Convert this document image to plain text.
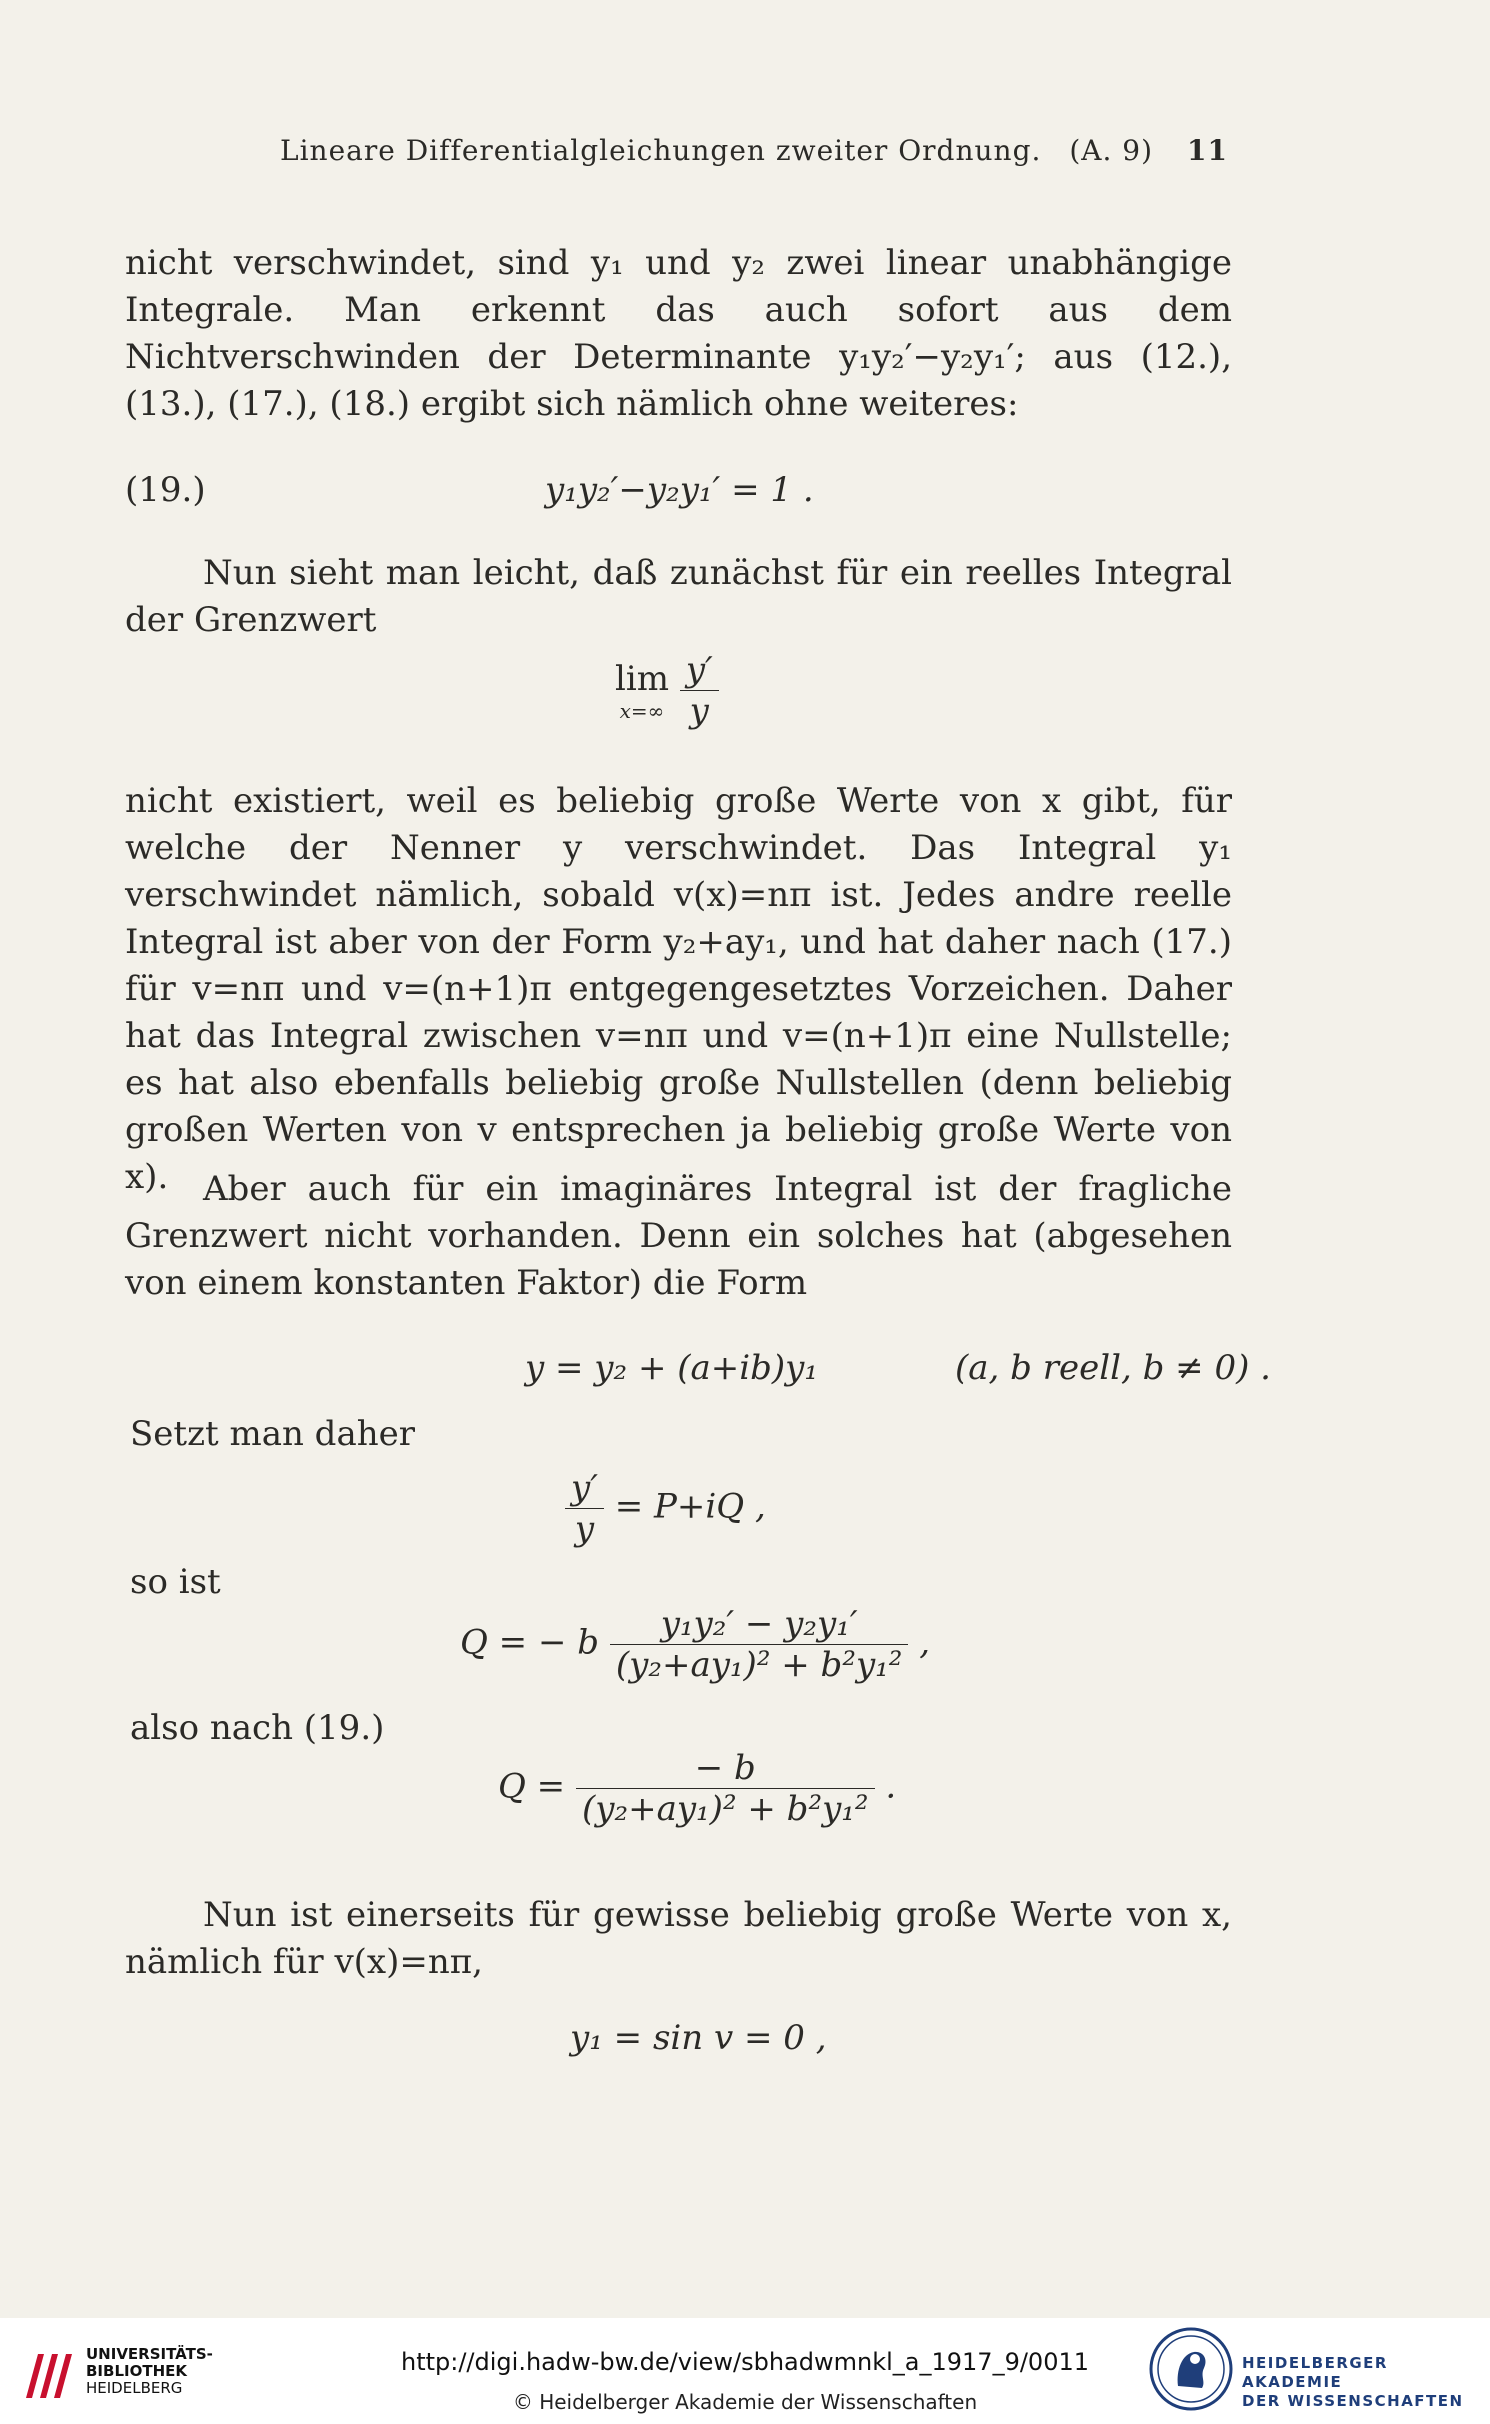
Lineare Differentialgleichungen zweiter Ordnung. (A. 9) 11

nicht verschwindet, sind y₁ und y₂ zwei linear unabhängige Integrale. Man erkennt das auch sofort aus dem Nichtverschwinden der Determinante y₁y₂′−y₂y₁′; aus (12.), (13.), (17.), (18.) ergibt sich nämlich ohne weiteres:

(19.)	y₁y₂′−y₂y₁′ = 1 .

Nun sieht man leicht, daß zunächst für ein reelles Integral der Grenzwert

lim
x=∞
$\frac{y'}{y}$

nicht existiert, weil es beliebig große Werte von x gibt, für welche der Nenner y verschwindet. Das Integral y₁ verschwindet nämlich, sobald v(x)=nπ ist. Jedes andre reelle Integral ist aber von der Form y₂+ay₁, und hat daher nach (17.) für v=nπ und v=(n+1)π entgegengesetztes Vorzeichen. Daher hat das Integral zwischen v=nπ und v=(n+1)π eine Nullstelle; es hat also ebenfalls beliebig große Nullstellen (denn beliebig großen Werten von v entsprechen ja beliebig große Werte von x).	Aber auch für ein imaginäres Integral ist der fragliche Grenzwert nicht vorhanden. Denn ein solches hat (abgesehen von einem konstanten Faktor) die Form

y = y₂ + (a+ib)y₁	(a, b reell, b ≠ 0) .
Setzt man daher
$\frac{y'}{y} = P+iQ$ ,
so ist
Q = − b $\frac{\text{y₁y₂′ − y₂y₁′}}{\text{(y₂+ay₁)² + b²y₁²}}$ ,
also nach (19.)
$Q = \frac{- b}{\text{(y₂+ay₁)² + b²y₁²}}$ .

Nun ist einerseits für gewisse beliebig große Werte von x, nämlich für v(x)=nπ,

y₁ = sin v = 0 ,
UNIVERSITÄTS-
BIBLIOTHEK
HEIDELBERG
http://digi.hadw-bw.de/view/sbhadwmnkl_a_1917_9/0011
© Heidelberger Akademie der Wissenschaften
HEIDELBERGER AKADEMIE
DER WISSENSCHAFTEN
